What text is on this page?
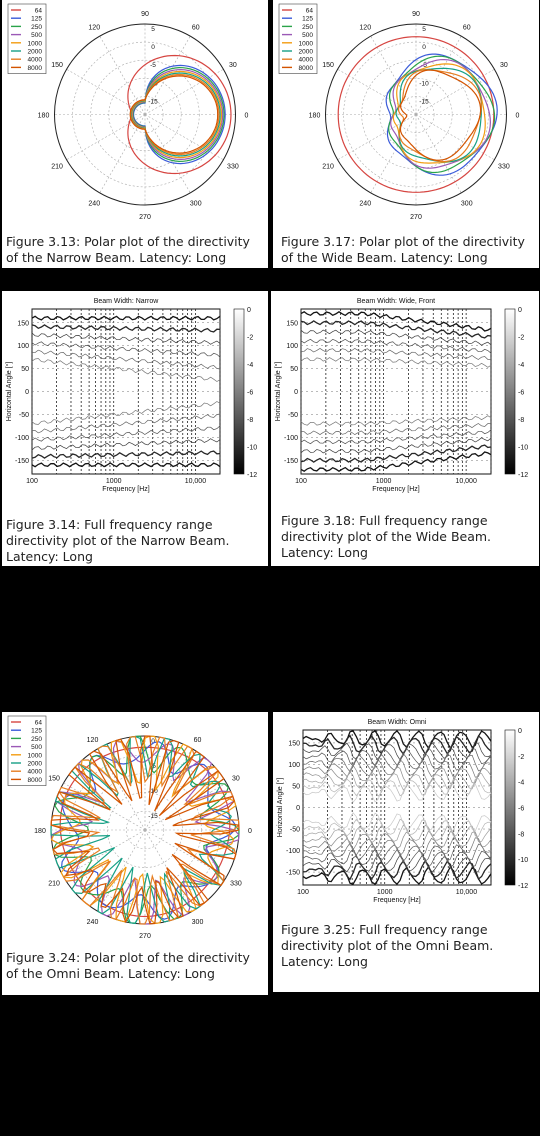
0
30
60
90
120
150
180
210
240
270
300
330
5
0
-5
-10
-15
64
125
250
500
1000
2000
4000
8000
Figure 3.13: Polar plot of the directivity of the Narrow Beam. Latency: Long
0
30
60
90
120
150
180
210
240
270
300
330
5
0
-5
-10
-15
64
125
250
500
1000
2000
4000
8000
Figure 3.17: Polar plot of the directivity of the Wide Beam. Latency: Long
Beam Width: Narrow
150
100
50
0
-50
-100
-150
100	1000	10,000
Frequency [Hz]
Horizontal Angle [°]
0
-2
-4
-6
-8
-10
-12
Figure 3.14: Full frequency range directivity plot of the Narrow Beam. Latency: Long
Beam Width: Wide, Front
150
100
50
0
-50
-100
-150
100	1000	10,000
Frequency [Hz]
Horizontal Angle [°]
0
-2
-4
-6
-8
-10
-12
Figure 3.18: Full frequency range directivity plot of the Wide Beam. Latency: Long
0
30
60
90
120
150
180
210
240
270
300
330
0
-5
-10
-15
64
125
250
500
1000
2000
4000
8000
Figure 3.24: Polar plot of the directivity of the Omni Beam. Latency: Long
Beam Width: Omni
150
100
50
0
-50
-100
-150
100	1000	10,000
Frequency [Hz]
Horizontal Angle [°]
0
-2
-4
-6
-8
-10
-12
Figure 3.25: Full frequency range directivity plot of the Omni Beam. Latency: Long
